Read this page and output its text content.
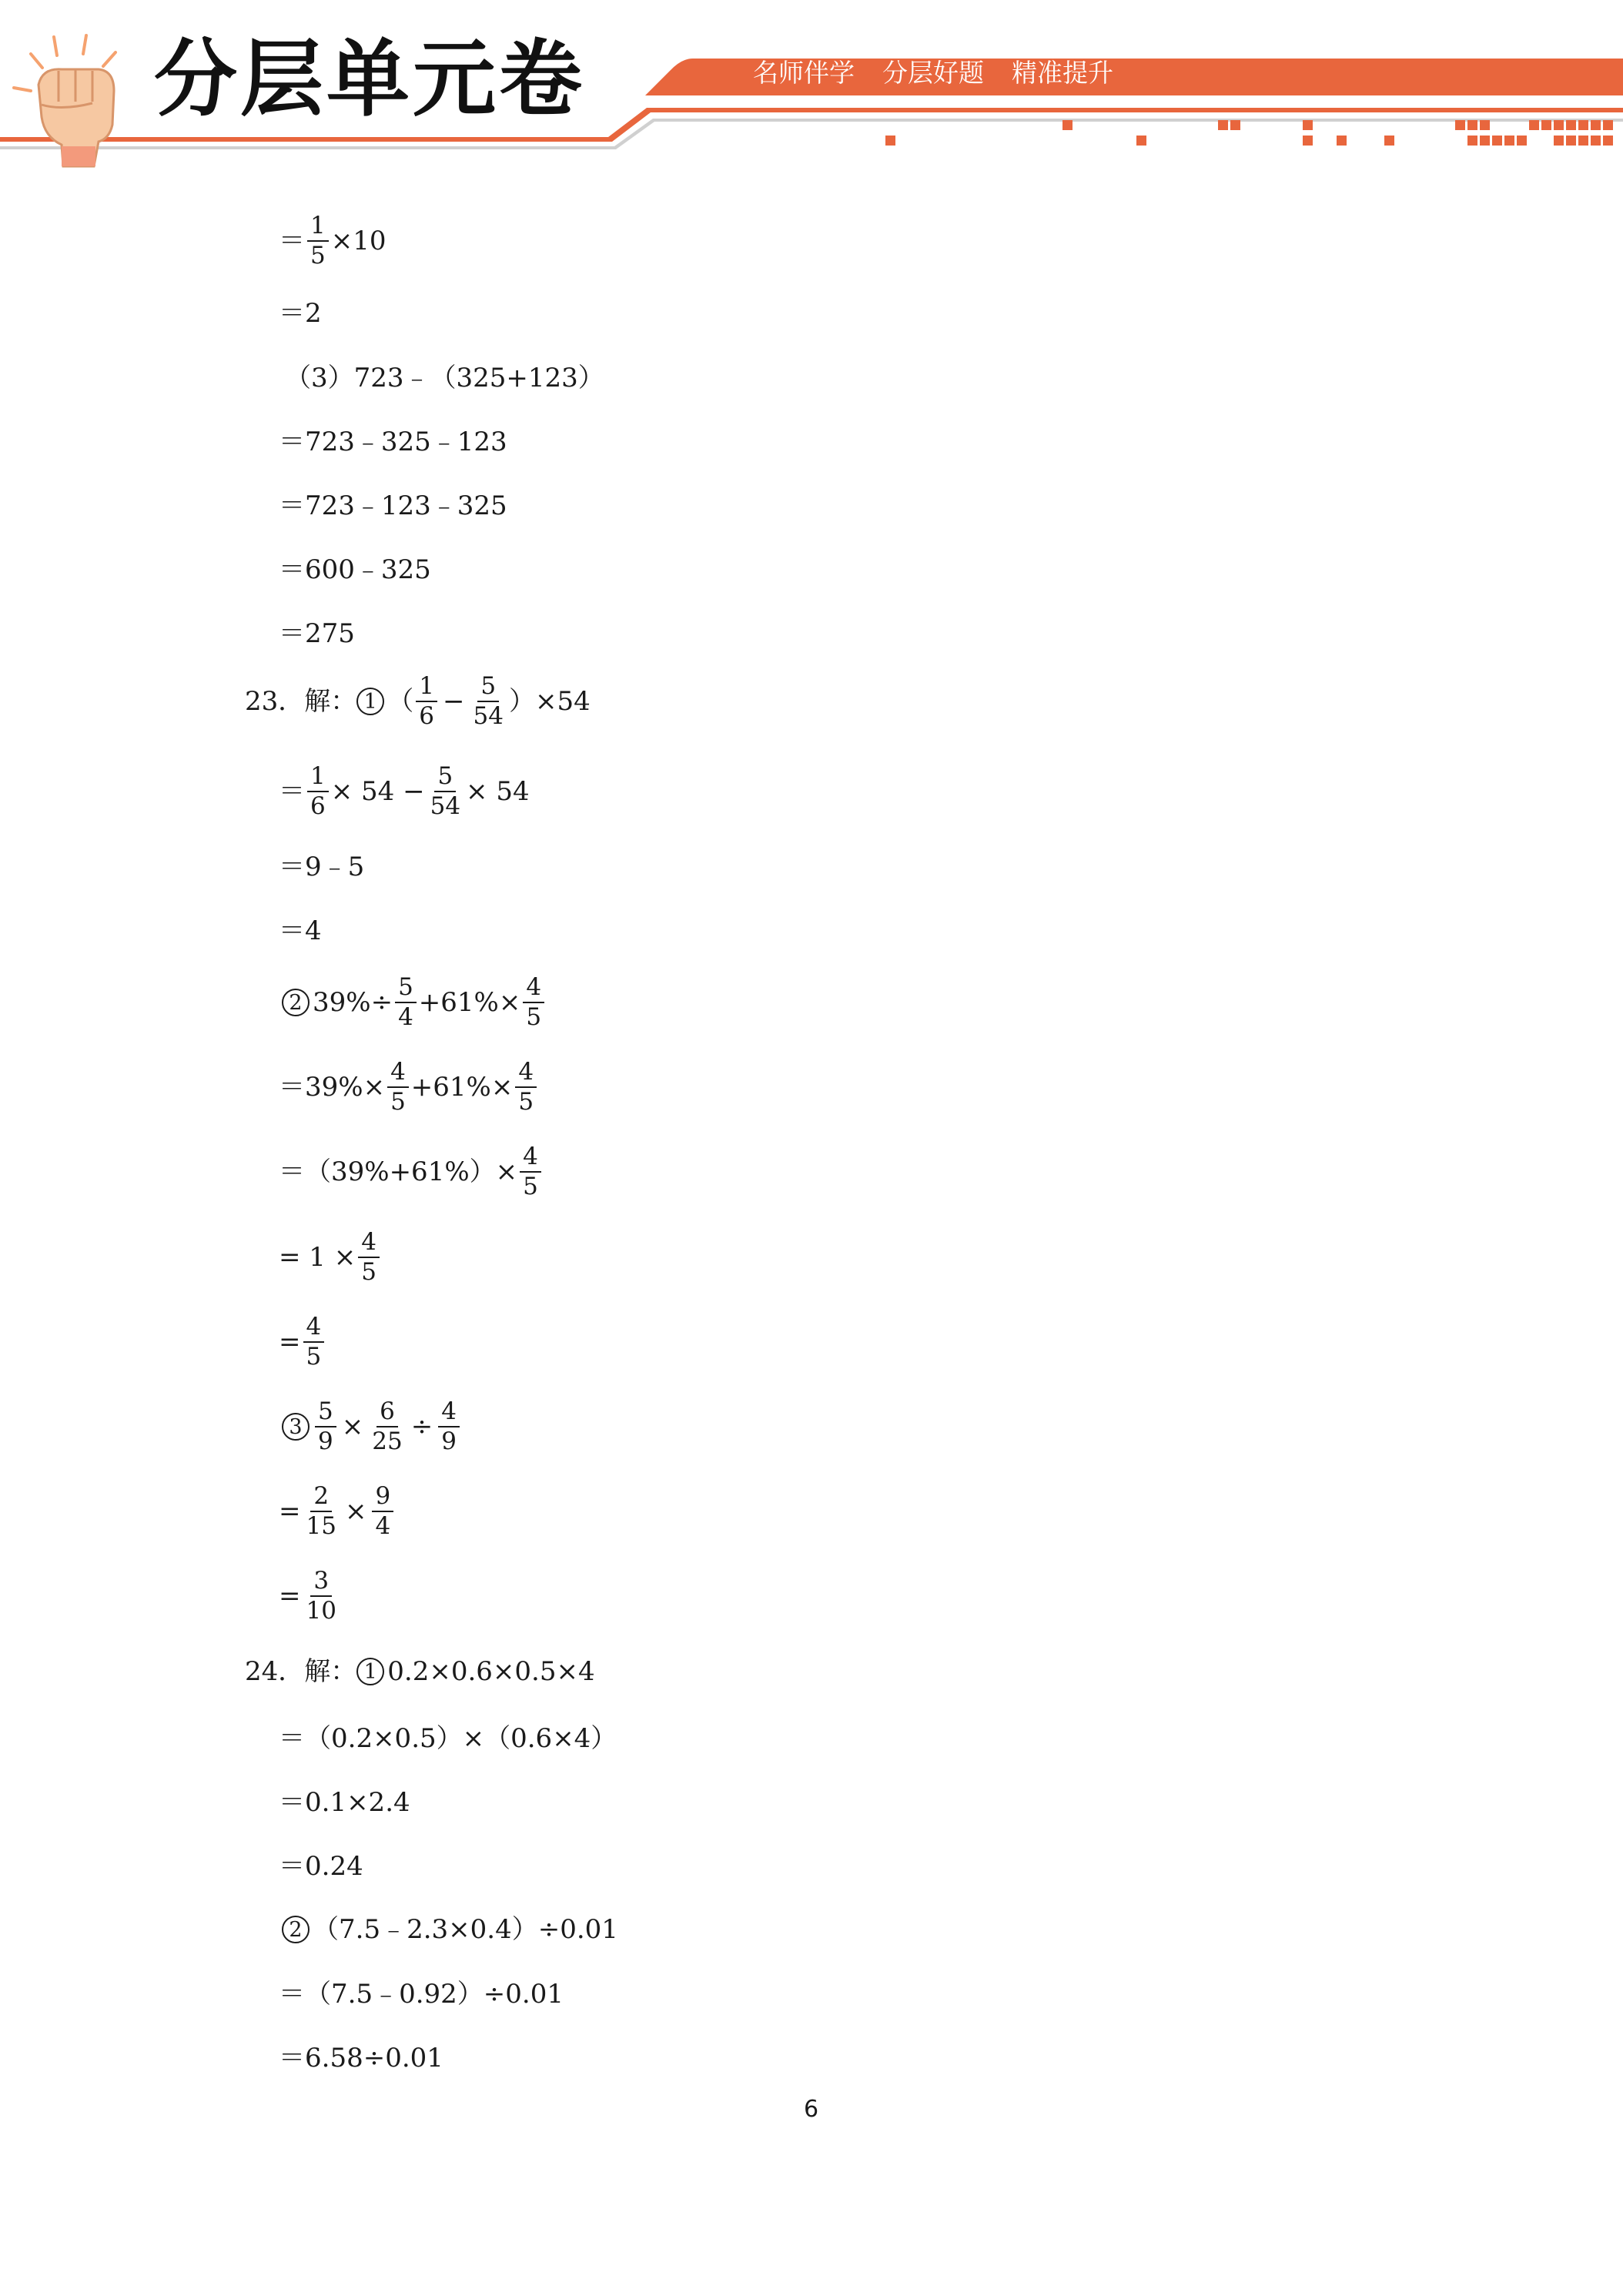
分层单元卷	名师伴学 分层好题 精准提升
＝ $\frac{1}{5} \times 10$
＝2
（3）723﹣（325+123）
＝723﹣325﹣123
＝723﹣123﹣325
＝600﹣325
＝275
23．解： 1 （ $\frac{1}{6} - \frac{5}{54} )\times 54$
＝ $\frac{1}{6} \times 54 - \frac{5}{54} \times 54$
＝9﹣5
＝4
2 $39\%\div \frac{5}{4} +61\%\times \frac{4}{5}$
$=39\%\times \frac{4}{5} +61\%\times \frac{4}{5}$
$=(39\%+61\%)\times \frac{4}{5}$
= $1 \times \frac{4}{5}$
= $\frac{4}{5}$
$3 \frac{5}{9} \times \frac{6}{25} \div \frac{4}{9}$
= $\frac{2}{15} \times \frac{9}{4}$
= $\frac{3}{10}$
24．解： 1 0.2×0.6×0.5×4
＝（0.2×0.5）×（0.6×4）
＝0.1×2.4
＝0.24
2 （7.5﹣2.3×0.4）÷0.01
＝（7.5﹣0.92）÷0.01
＝6.58÷0.01
6
